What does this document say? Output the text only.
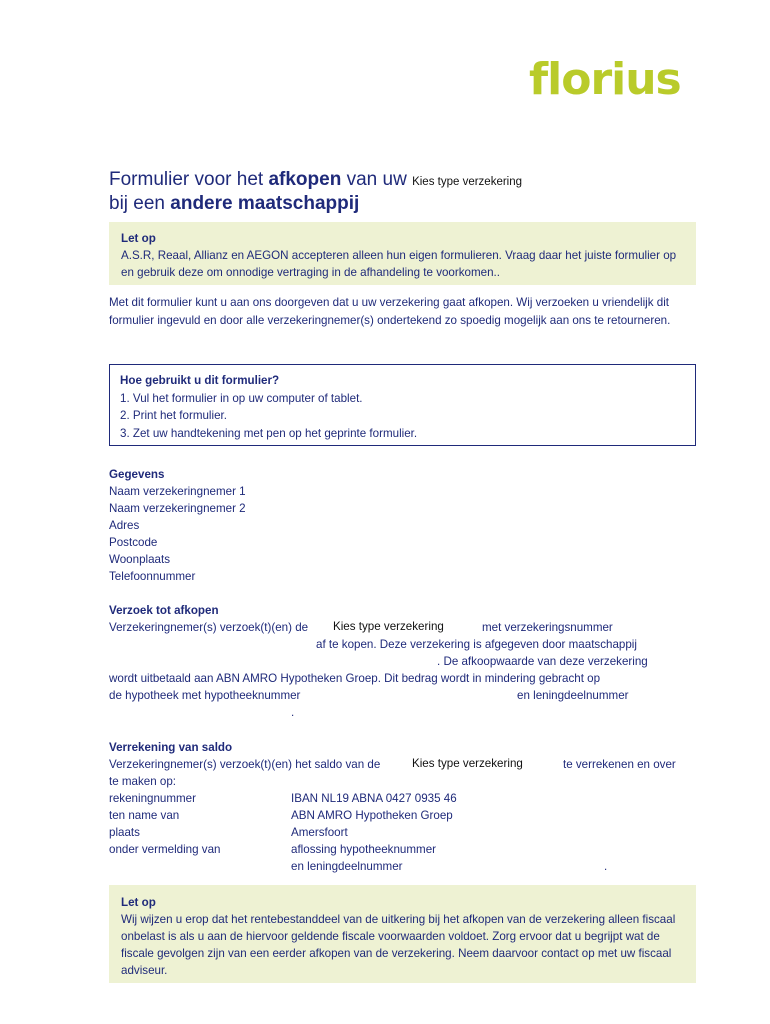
florius
Formulier voor het afkopen van uw Kies type verzekering
bij een andere maatschappij
Let op
A.S.R, Reaal, Allianz en AEGON accepteren alleen hun eigen formulieren. Vraag daar het juiste formulier op en gebruik deze om onnodige vertraging in de afhandeling te voorkomen..
Met dit formulier kunt u aan ons doorgeven dat u uw verzekering gaat afkopen. Wij verzoeken u vriendelijk dit formulier ingevuld en door alle verzekeringnemer(s) ondertekend zo spoedig mogelijk aan ons te retourneren.
Hoe gebruikt u dit formulier?
1. Vul het formulier in op uw computer of tablet.
2. Print het formulier.
3. Zet uw handtekening met pen op het geprinte formulier.
Gegevens
Naam verzekeringnemer 1
Naam verzekeringnemer 2
Adres
Postcode
Woonplaats
Telefoonnummer
Verzoek tot afkopen
Verzekeringnemer(s) verzoek(t)(en) de Kies type verzekering	met verzekeringsnummer
af te kopen. Deze verzekering is afgegeven door maatschappij
. De afkoopwaarde van deze verzekering
wordt uitbetaald aan ABN AMRO Hypotheken Groep. Dit bedrag wordt in mindering gebracht op
de hypotheek met hypotheeknummer	en leningdeelnummer
.
Verrekening van saldo
Verzekeringnemer(s) verzoek(t)(en) het saldo van de	Kies type verzekering	te verrekenen en over
te maken op:
rekeningnummer	IBAN NL19 ABNA 0427 0935 46
ten name van	ABN AMRO Hypotheken Groep
plaats	Amersfoort
onder vermelding van	aflossing hypotheeknummer
en leningdeelnummer	.
Let op
Wij wijzen u erop dat het rentebestanddeel van de uitkering bij het afkopen van de verzekering alleen fiscaal onbelast is als u aan de hiervoor geldende fiscale voorwaarden voldoet. Zorg ervoor dat u begrijpt wat de fiscale gevolgen zijn van een eerder afkopen van de verzekering. Neem daarvoor contact op met uw fiscaal adviseur.
